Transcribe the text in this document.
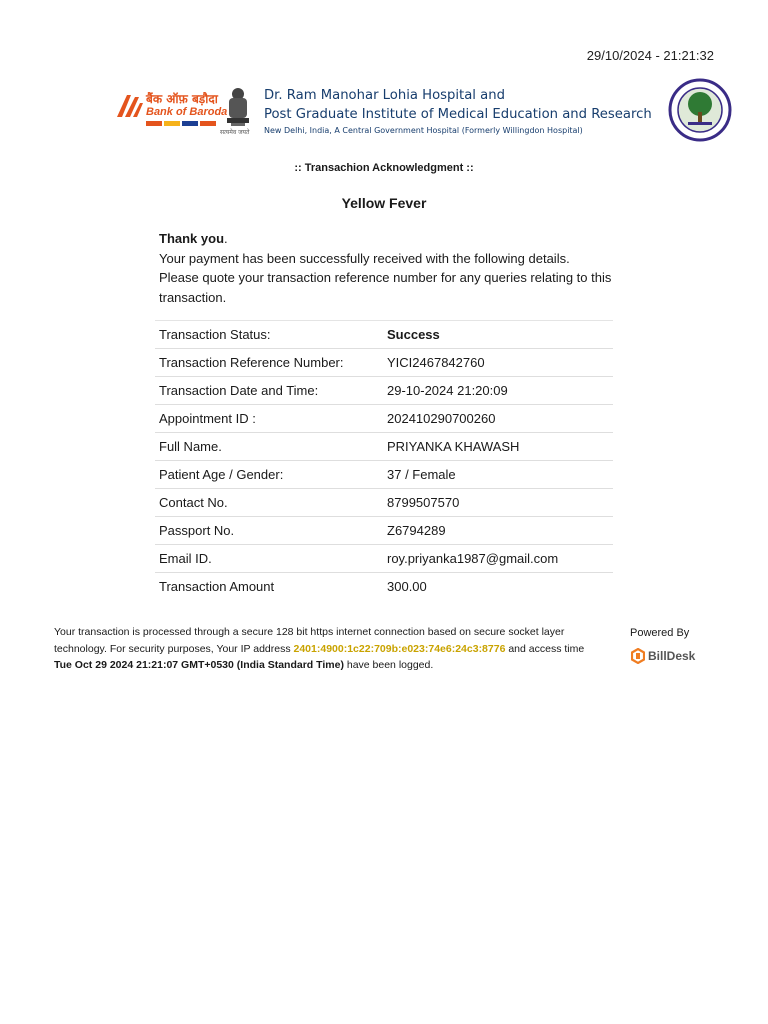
29/10/2024 - 21:21:32
बैंक ऑफ़ बड़ौदा
Bank of Baroda
सत्यमेव जयते
Dr. Ram Manohar Lohia Hospital and
Post Graduate Institute of Medical Education and Research
New Delhi, India, A Central Government Hospital (Formerly Willingdon Hospital)
:: Transachion Acknowledgment ::
Yellow Fever
Thank you.
Your payment has been successfully received with the following details.
Please quote your transaction reference number for any queries relating to this transaction.
Transaction Status:	Success
Transaction Reference Number:	YICI2467842760
Transaction Date and Time:	29-10-2024 21:20:09
Appointment ID :	202410290700260
Full Name.	PRIYANKA KHAWASH
Patient Age / Gender:	37 / Female
Contact No.	8799507570
Passport No.	Z6794289
Email ID.	roy.priyanka1987@gmail.com
Transaction Amount	300.00
Your transaction is processed through a secure 128 bit https internet connection based on secure socket layer technology. For security purposes, Your IP address 2401:4900:1c22:709b:e023:74e6:24c3:8776 and access time Tue Oct 29 2024 21:21:07 GMT+0530 (India Standard Time) have been logged.
Powered By
BillDesk
